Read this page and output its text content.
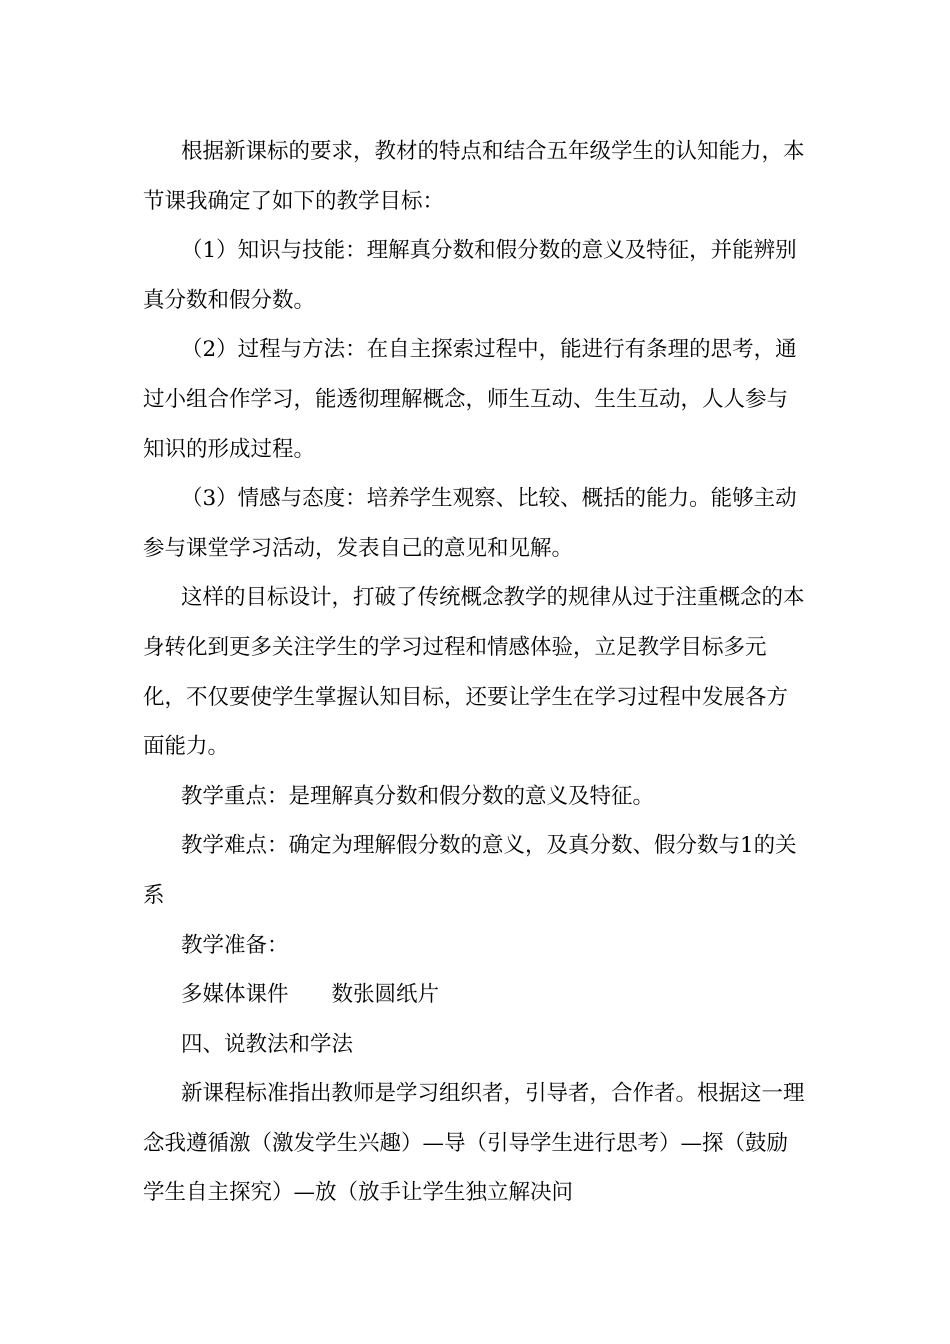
根据新课标的要求，教材的特点和结合五年级学生的认知能力，本节课我确定了如下的教学目标：

（1）知识与技能：理解真分数和假分数的意义及特征，并能辨别真分数和假分数。

（2）过程与方法：在自主探索过程中，能进行有条理的思考，通过小组合作学习，能透彻理解概念，师生互动、生生互动，人人参与知识的形成过程。

（3）情感与态度：培养学生观察、比较、概括的能力。能够主动参与课堂学习活动，发表自己的意见和见解。

这样的目标设计，打破了传统概念教学的规律从过于注重概念的本身转化到更多关注学生的学习过程和情感体验，立足教学目标多元化，不仅要使学生掌握认知目标，还要让学生在学习过程中发展各方面能力。

教学重点：是理解真分数和假分数的意义及特征。

教学难点：确定为理解假分数的意义，及真分数、假分数与1的关系

教学准备：

多媒体课件　　数张圆纸片

四、说教法和学法

新课程标准指出教师是学习组织者，引导者，合作者。根据这一理念我遵循激（激发学生兴趣）—导（引导学生进行思考）—探（鼓励学生自主探究）—放（放手让学生独立解决问
